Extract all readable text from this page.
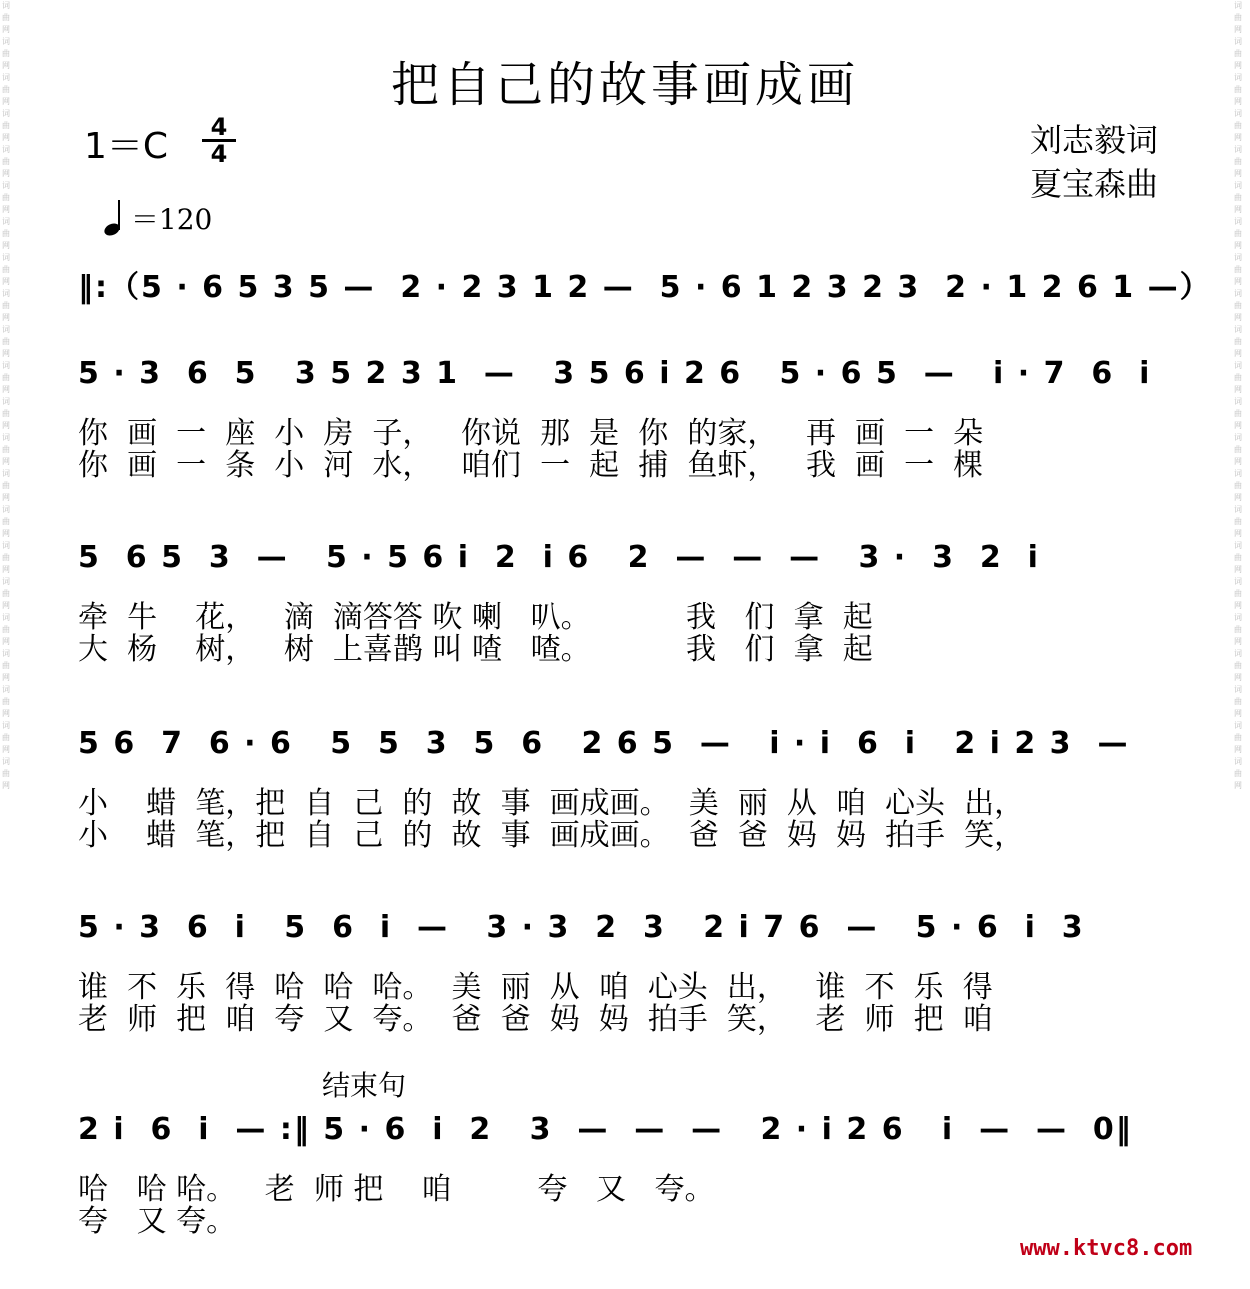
词曲网词曲网词曲网词曲网词曲网词曲网词曲网词曲网词曲网词曲网词曲网词曲网词曲网词曲网词曲网词曲网词曲网词曲网词曲网词曲网词曲网词曲网
词曲网词曲网词曲网词曲网词曲网词曲网词曲网词曲网词曲网词曲网词曲网词曲网词曲网词曲网词曲网词曲网词曲网词曲网词曲网词曲网词曲网词曲网
把自己的故事画成画
1＝C	4
4	刘志毅词
夏宝森曲
＝120
‖:（5 · 6 5 3 5 —  2 · 2 3 1 2 —  5 · 6 1 2 3 2 3  2 · 1 2 6 1 —）
5 · 3  6  5   3 5 2 3 1  —   3 5 6 i 2 6   5 · 6 5  —   i · 7  6  i
你  画  一  座  小  房  子，   你说  那  是  你  的家，   再  画  一  朵
你  画  一  条  小  河  水，   咱们  一  起  捕  鱼虾，   我  画  一  棵
5  6 5  3  —   5 · 5 6 i  2  i 6   2  —  —  —   3 ·  3  2  i
牵  牛    花，   滴  滴答答 吹 喇   叭。          我   们  拿  起
大  杨    树，   树  上喜鹊 叫 喳   喳。          我   们  拿  起
5 6  7  6 · 6   5  5  3  5  6   2 6 5  —   i · i  6  i   2 i 2 3  —
小    蜡  笔，把  自  己  的  故  事  画成画。  美  丽  从  咱  心头  出，
小    蜡  笔，把  自  己  的  故  事  画成画。  爸  爸  妈  妈  拍手  笑，
5 · 3  6  i   5  6  i  —   3 · 3  2  3   2 i 7 6  —   5 · 6  i  3
谁  不  乐  得  哈  哈  哈。  美  丽  从  咱  心头  出，   谁  不  乐  得
老  师  把  咱  夸  又  夸。  爸  爸  妈  妈  拍手  笑，   老  师  把  咱
结束句
2 i  6  i  — :‖ 5 · 6  i  2   3  —  —  —   2 · i 2 6   i  —  —  0‖
哈   哈 哈。   老  师 把    咱         夸   又   夸。
夸   又 夸。
www.ktvc8.com
